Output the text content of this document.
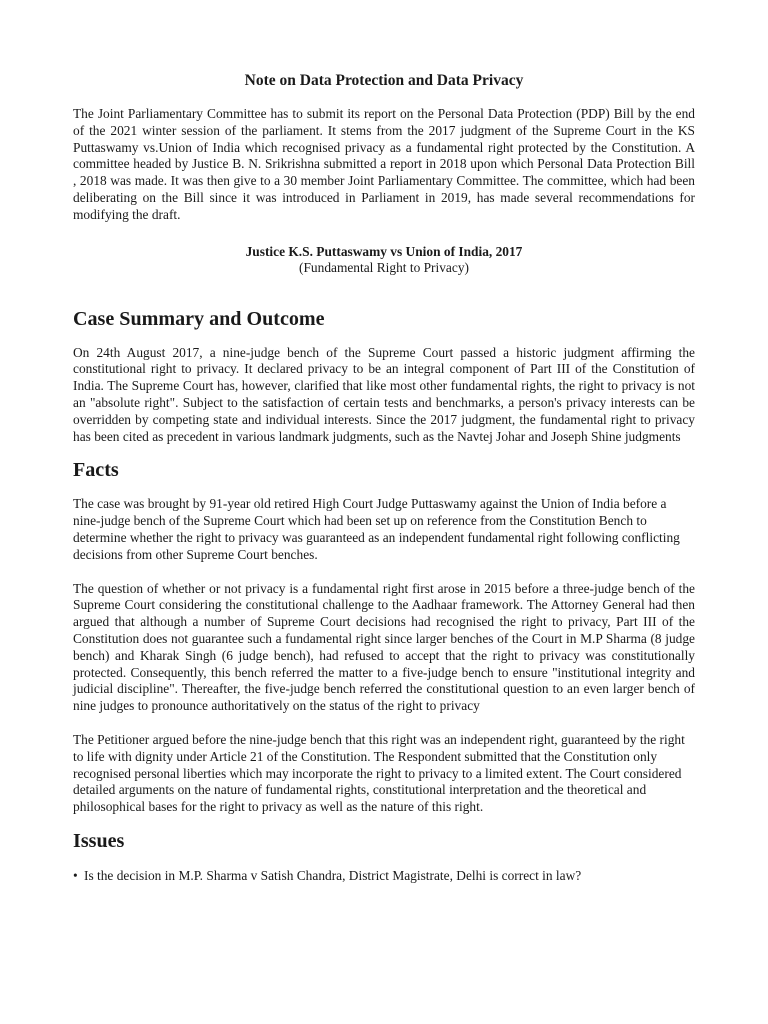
Note on Data Protection and Data Privacy

The Joint Parliamentary Committee has to submit its report on the Personal Data Protection (PDP) Bill by the end of the 2021 winter session of the parliament. It stems from the 2017 judgment of the Supreme Court in the KS Puttaswamy vs.Union of India which recognised privacy as a fundamental right protected by the Constitution. A committee headed by Justice B. N. Srikrishna submitted a report in 2018 upon which Personal Data Protection Bill , 2018 was made. It was then give to a 30 member Joint Parliamentary Committee. The committee, which had been deliberating on the Bill since it was introduced in Parliament in 2019, has made several recommendations for modifying the draft.

Justice K.S. Puttaswamy vs Union of India, 2017
(Fundamental Right to Privacy)
Case Summary and Outcome

On 24th August 2017, a nine-judge bench of the Supreme Court passed a historic judgment affirming the constitutional right to privacy. It declared privacy to be an integral component of Part III of the Constitution of India. The Supreme Court has, however, clarified that like most other fundamental rights, the right to privacy is not an "absolute right". Subject to the satisfaction of certain tests and benchmarks, a person's privacy interests can be overridden by competing state and individual interests. Since the 2017 judgment, the fundamental right to privacy has been cited as precedent in various landmark judgments, such as the Navtej Johar and Joseph Shine judgments

Facts

The case was brought by 91-year old retired High Court Judge Puttaswamy against the Union of India before a nine-judge bench of the Supreme Court which had been set up on reference from the Constitution Bench to determine whether the right to privacy was guaranteed as an independent fundamental right following conflicting decisions from other Supreme Court benches.

The question of whether or not privacy is a fundamental right first arose in 2015 before a three-judge bench of the Supreme Court considering the constitutional challenge to the Aadhaar framework. The Attorney General had then argued that although a number of Supreme Court decisions had recognised the right to privacy, Part III of the Constitution does not guarantee such a fundamental right since larger benches of the Court in M.P Sharma (8 judge bench) and Kharak Singh (6 judge bench), had refused to accept that the right to privacy was constitutionally protected. Consequently, this bench referred the matter to a five-judge bench to ensure "institutional integrity and judicial discipline". Thereafter, the five-judge bench referred the constitutional question to an even larger bench of nine judges to pronounce authoritatively on the status of the right to privacy

The Petitioner argued before the nine-judge bench that this right was an independent right, guaranteed by the right to life with dignity under Article 21 of the Constitution. The Respondent submitted that the Constitution only recognised personal liberties which may incorporate the right to privacy to a limited extent. The Court considered detailed arguments on the nature of fundamental rights, constitutional interpretation and the theoretical and philosophical bases for the right to privacy as well as the nature of this right.

Issues
• Is the decision in M.P. Sharma v Satish Chandra, District Magistrate, Delhi is correct in law?
